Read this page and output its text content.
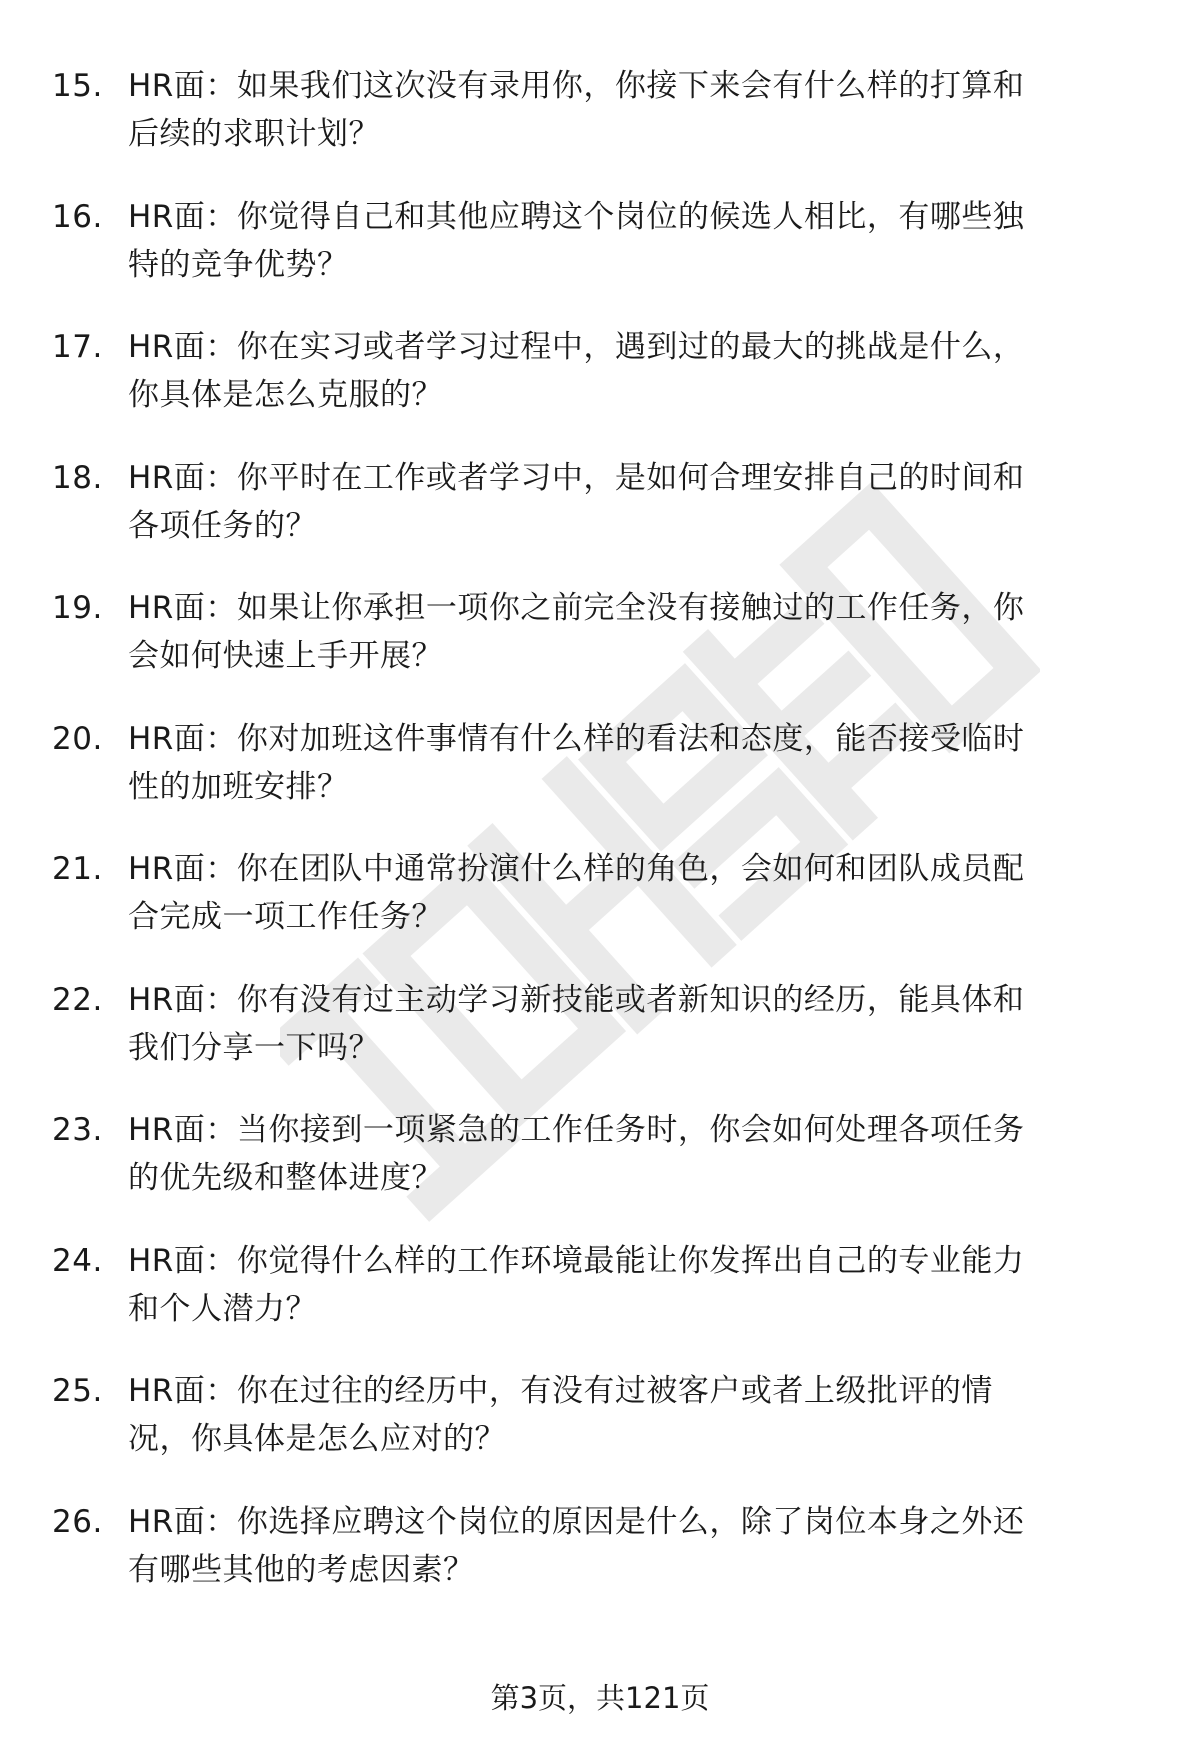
15. HR面：如果我们这次没有录用你，你接下来会有什么样的打算和
后续的求职计划？
16. HR面：你觉得自己和其他应聘这个岗位的候选人相比，有哪些独
特的竞争优势？
17. HR面：你在实习或者学习过程中，遇到过的最大的挑战是什么，
你具体是怎么克服的？
18. HR面：你平时在工作或者学习中，是如何合理安排自己的时间和
各项任务的？
19. HR面：如果让你承担一项你之前完全没有接触过的工作任务，你
会如何快速上手开展？
20. HR面：你对加班这件事情有什么样的看法和态度，能否接受临时
性的加班安排？
21. HR面：你在团队中通常扮演什么样的角色，会如何和团队成员配
合完成一项工作任务？
22. HR面：你有没有过主动学习新技能或者新知识的经历，能具体和
我们分享一下吗？
23. HR面：当你接到一项紧急的工作任务时，你会如何处理各项任务
的优先级和整体进度？
24. HR面：你觉得什么样的工作环境最能让你发挥出自己的专业能力
和个人潜力？
25. HR面：你在过往的经历中，有没有过被客户或者上级批评的情
况，你具体是怎么应对的？
26. HR面：你选择应聘这个岗位的原因是什么，除了岗位本身之外还
有哪些其他的考虑因素？
第3页，共121页
